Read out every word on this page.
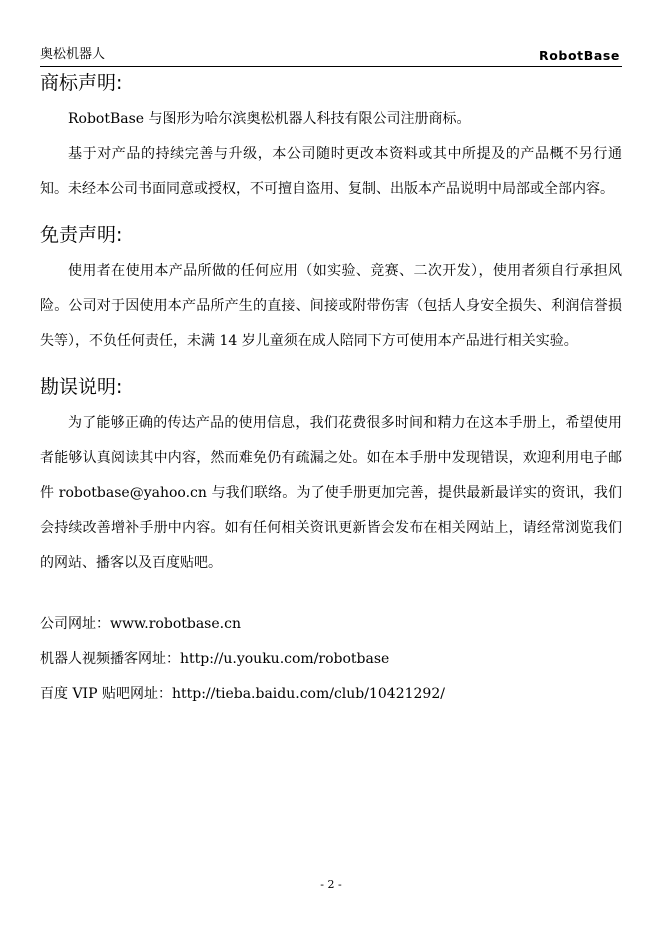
奥松机器人	RobotBase
商标声明:

RobotBase 与图形为哈尔滨奥松机器人科技有限公司注册商标。

基于对产品的持续完善与升级，本公司随时更改本资料或其中所提及的产品概不另行通知。未经本公司书面同意或授权，不可擅自盗用、复制、出版本产品说明中局部或全部内容。

免责声明:

使用者在使用本产品所做的任何应用（如实验、竞赛、二次开发），使用者须自行承担风险。公司对于因使用本产品所产生的直接、间接或附带伤害（包括人身安全损失、利润信誉损失等），不负任何责任，未满 14 岁儿童须在成人陪同下方可使用本产品进行相关实验。

勘误说明:

为了能够正确的传达产品的使用信息，我们花费很多时间和精力在这本手册上，希望使用者能够认真阅读其中内容，然而难免仍有疏漏之处。如在本手册中发现错误，欢迎利用电子邮件 robotbase@yahoo.cn 与我们联络。为了使手册更加完善，提供最新最详实的资讯，我们会持续改善增补手册中内容。如有任何相关资讯更新皆会发布在相关网站上，请经常浏览我们的网站、播客以及百度贴吧。

公司网址：www.robotbase.cn

机器人视频播客网址：http://u.youku.com/robotbase

百度 VIP 贴吧网址：http://tieba.baidu.com/club/10421292/

- 2 -
